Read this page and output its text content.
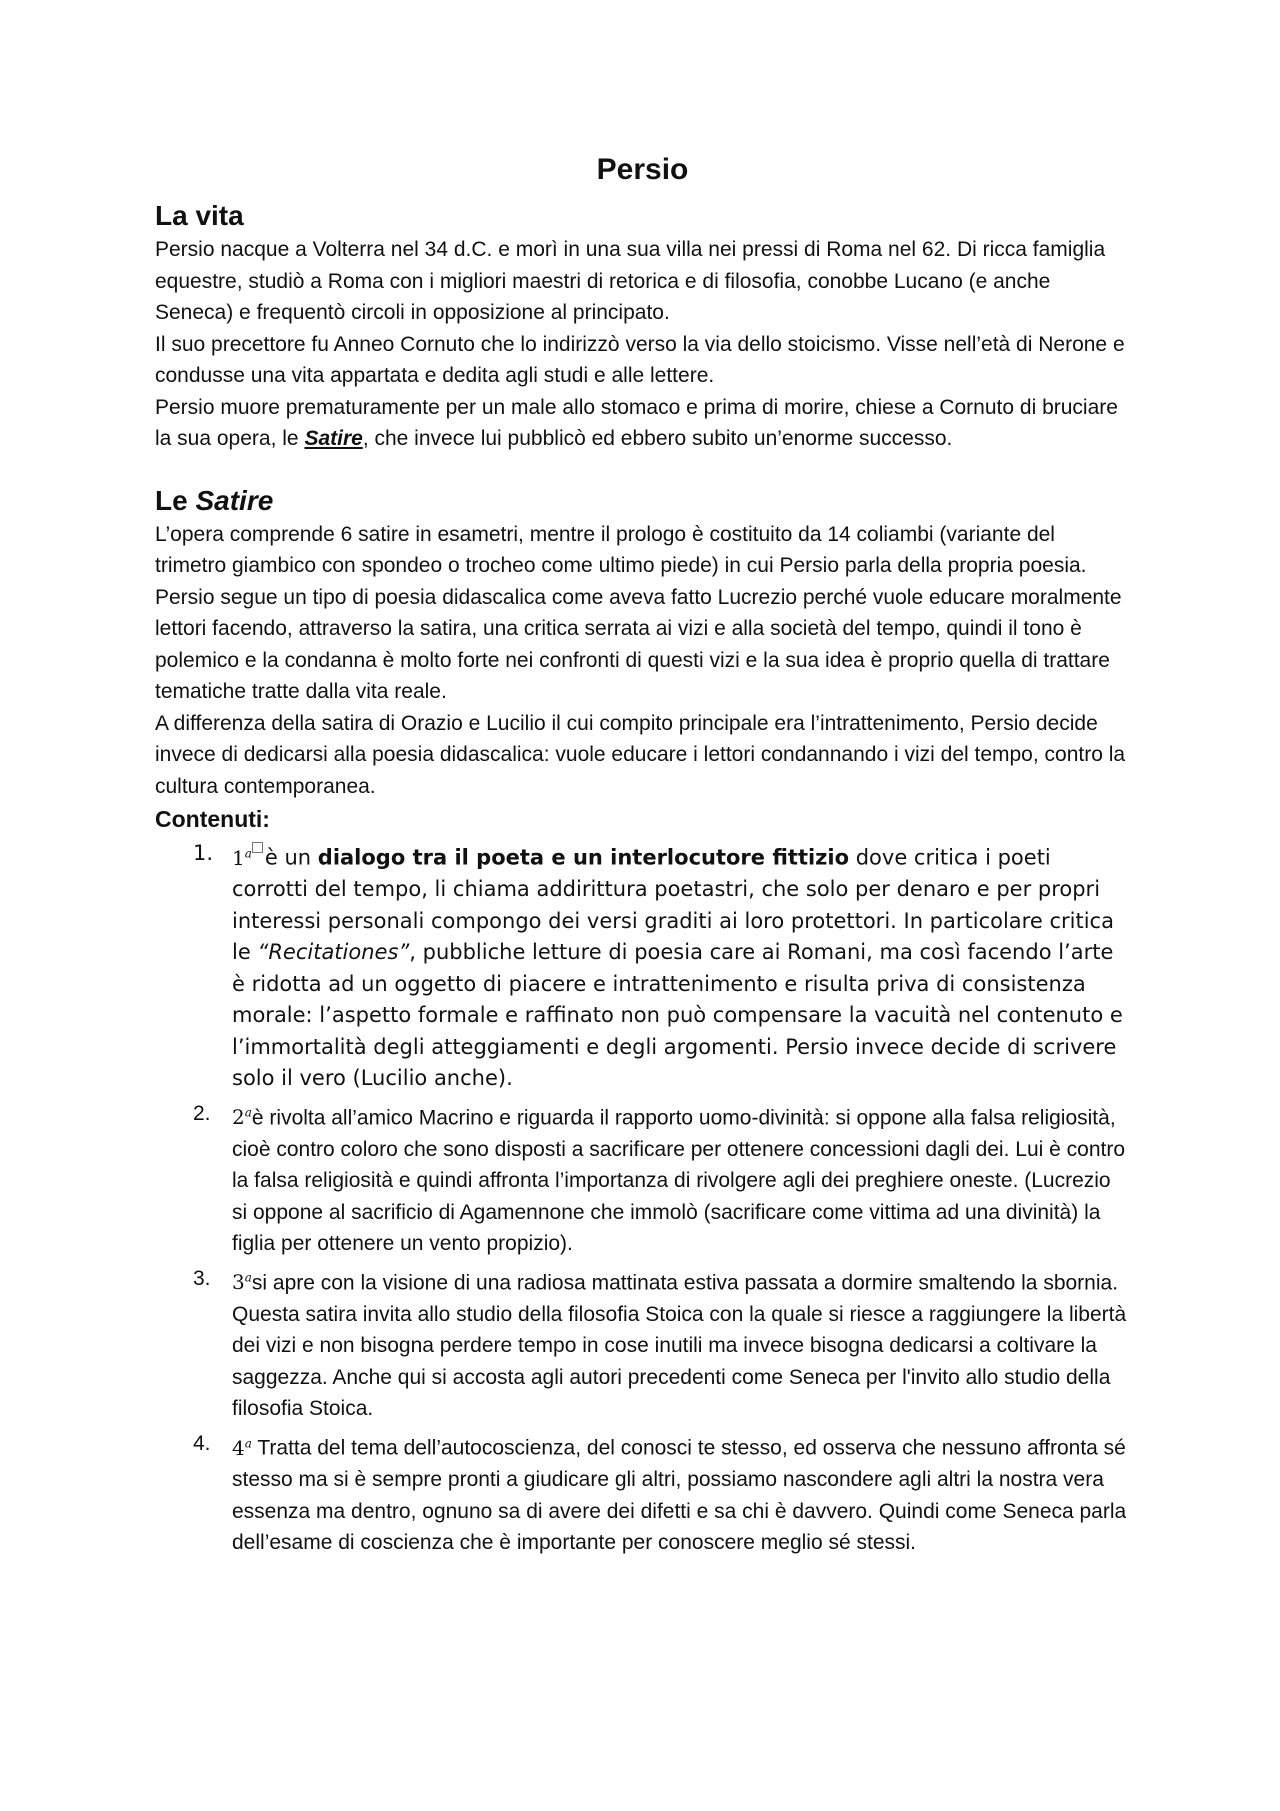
Persio
La vita

Persio nacque a Volterra nel 34 d.C. e morì in una sua villa nei pressi di Roma nel 62. Di ricca famiglia equestre, studiò a Roma con i migliori maestri di retorica e di filosofia, conobbe Lucano (e anche Seneca) e frequentò circoli in opposizione al principato.

Il suo precettore fu Anneo Cornuto che lo indirizzò verso la via dello stoicismo. Visse nell’età di Nerone e condusse una vita appartata e dedita agli studi e alle lettere.

Persio muore prematuramente per un male allo stomaco e prima di morire, chiese a Cornuto di bruciare la sua opera, le Satire, che invece lui pubblicò ed ebbero subito un’enorme successo.

Le Satire

L’opera comprende 6 satire in esametri, mentre il prologo è costituito da 14 coliambi (variante del trimetro giambico con spondeo o trocheo come ultimo piede) in cui Persio parla della propria poesia.

Persio segue un tipo di poesia didascalica come aveva fatto Lucrezio perché vuole educare moralmente lettori facendo, attraverso la satira, una critica serrata ai vizi e alla società del tempo, quindi il tono è polemico e la condanna è molto forte nei confronti di questi vizi e la sua idea è proprio quella di trattare tematiche tratte dalla vita reale.

A differenza della satira di Orazio e Lucilio il cui compito principale era l’intrattenimento, Persio decide invece di dedicarsi alla poesia didascalica: vuole educare i lettori condannando i vizi del tempo, contro la cultura contemporanea.

Contenuti:

1. 1$^a$ è un dialogo tra il poeta e un interlocutore fittizio dove critica i poeti corrotti del tempo, li chiama addirittura poetastri, che solo per denaro e per propri interessi personali compongo dei versi graditi ai loro protettori. In particolare critica le “Recitationes”, pubbliche letture di poesia care ai Romani, ma così facendo l’arte è ridotta ad un oggetto di piacere e intrattenimento e risulta priva di consistenza morale: l’aspetto formale e raffinato non può compensare la vacuità nel contenuto e l’immortalità degli atteggiamenti e degli argomenti. Persio invece decide di scrivere solo il vero (Lucilio anche).
2. 2$^a$è rivolta all’amico Macrino e riguarda il rapporto uomo-divinità: si oppone alla falsa religiosità, cioè contro coloro che sono disposti a sacrificare per ottenere concessioni dagli dei. Lui è contro la falsa religiosità e quindi affronta l’importanza di rivolgere agli dei preghiere oneste. (Lucrezio si oppone al sacrificio di Agamennone che immolò (sacrificare come vittima ad una divinità) la figlia per ottenere un vento propizio).
3. 3$^a$si apre con la visione di una radiosa mattinata estiva passata a dormire smaltendo la sbornia. Questa satira invita allo studio della filosofia Stoica con la quale si riesce a raggiungere la libertà dei vizi e non bisogna perdere tempo in cose inutili ma invece bisogna dedicarsi a coltivare la saggezza. Anche qui si accosta agli autori precedenti come Seneca per l'invito allo studio della filosofia Stoica.
4. 4$^a$ Tratta del tema dell’autocoscienza, del conosci te stesso, ed osserva che nessuno affronta sé stesso ma si è sempre pronti a giudicare gli altri, possiamo nascondere agli altri la nostra vera essenza ma dentro, ognuno sa di avere dei difetti e sa chi è davvero. Quindi come Seneca parla dell’esame di coscienza che è importante per conoscere meglio sé stessi.
